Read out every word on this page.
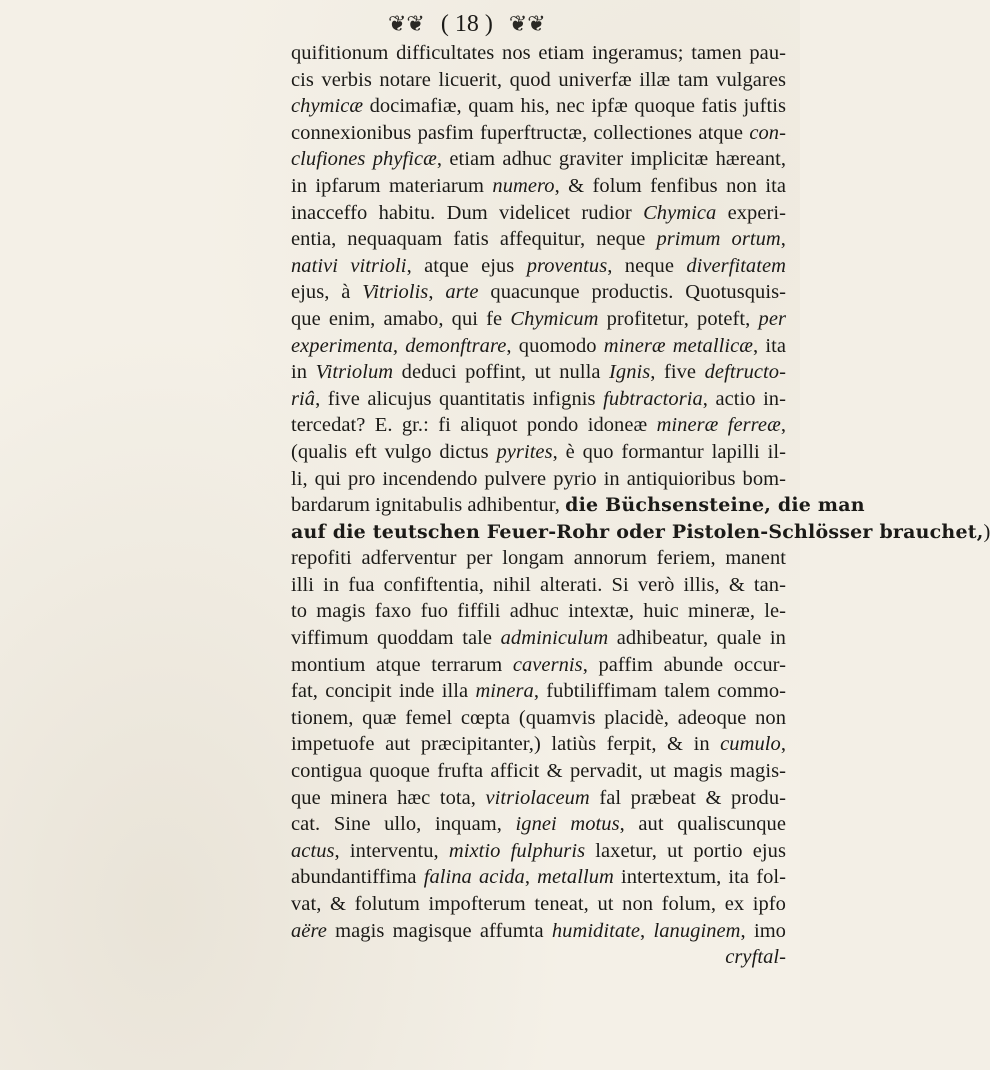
❦❦ ( 18 ) ❦❦
quifitionum difficultates nos etiam ingeramus; tamen pau-
cis verbis notare licuerit, quod univerfæ illæ tam vulgares
chymicæ docimafiæ, quam his, nec ipfæ quoque fatis juftis
connexionibus pasfim fuperftructæ, collectiones atque con-
clufiones phyficæ, etiam adhuc graviter implicitæ hæreant,
in ipfarum materiarum numero, & folum fenfibus non ita
inacceffo habitu. Dum videlicet rudior Chymica experi-
entia, nequaquam fatis affequitur, neque primum ortum,
nativi vitrioli, atque ejus proventus, neque diverfitatem
ejus, à Vitriolis, arte quacunque productis. Quotusquis-
que enim, amabo, qui fe Chymicum profitetur, poteft, per
experimenta, demonftrare, quomodo mineræ metallicæ, ita
in Vitriolum deduci poffint, ut nulla Ignis, five deftructo-
riâ, five alicujus quantitatis infignis fubtractoria, actio in-
tercedat? E. gr.: fi aliquot pondo idoneæ mineræ ferreæ,
(qualis eft vulgo dictus pyrites, è quo formantur lapilli il-
li, qui pro incendendo pulvere pyrio in antiquioribus bom-
bardarum ignitabulis adhibentur, die Büchsensteine, die man
auf die teutschen Feuer-Rohr oder Pistolen-Schlösser brauchet,)
repofiti adferventur per longam annorum feriem, manent
illi in fua confiftentia, nihil alterati. Si verò illis, & tan-
to magis faxo fuo fiffili adhuc intextæ, huic mineræ, le-
viffimum quoddam tale adminiculum adhibeatur, quale in
montium atque terrarum cavernis, paffim abunde occur-
fat, concipit inde illa minera, fubtiliffimam talem commo-
tionem, quæ femel cœpta (quamvis placidè, adeoque non
impetuofe aut præcipitanter,) latiùs ferpit, & in cumulo,
contigua quoque frufta afficit & pervadit, ut magis magis-
que minera hæc tota, vitriolaceum fal præbeat & produ-
cat. Sine ullo, inquam, ignei motus, aut qualiscunque
actus, interventu, mixtio fulphuris laxetur, ut portio ejus
abundantiffima falina acida, metallum intertextum, ita fol-
vat, & folutum impofterum teneat, ut non folum, ex ipfo
aëre magis magisque affumta humiditate, lanuginem, imo
cryftal-
